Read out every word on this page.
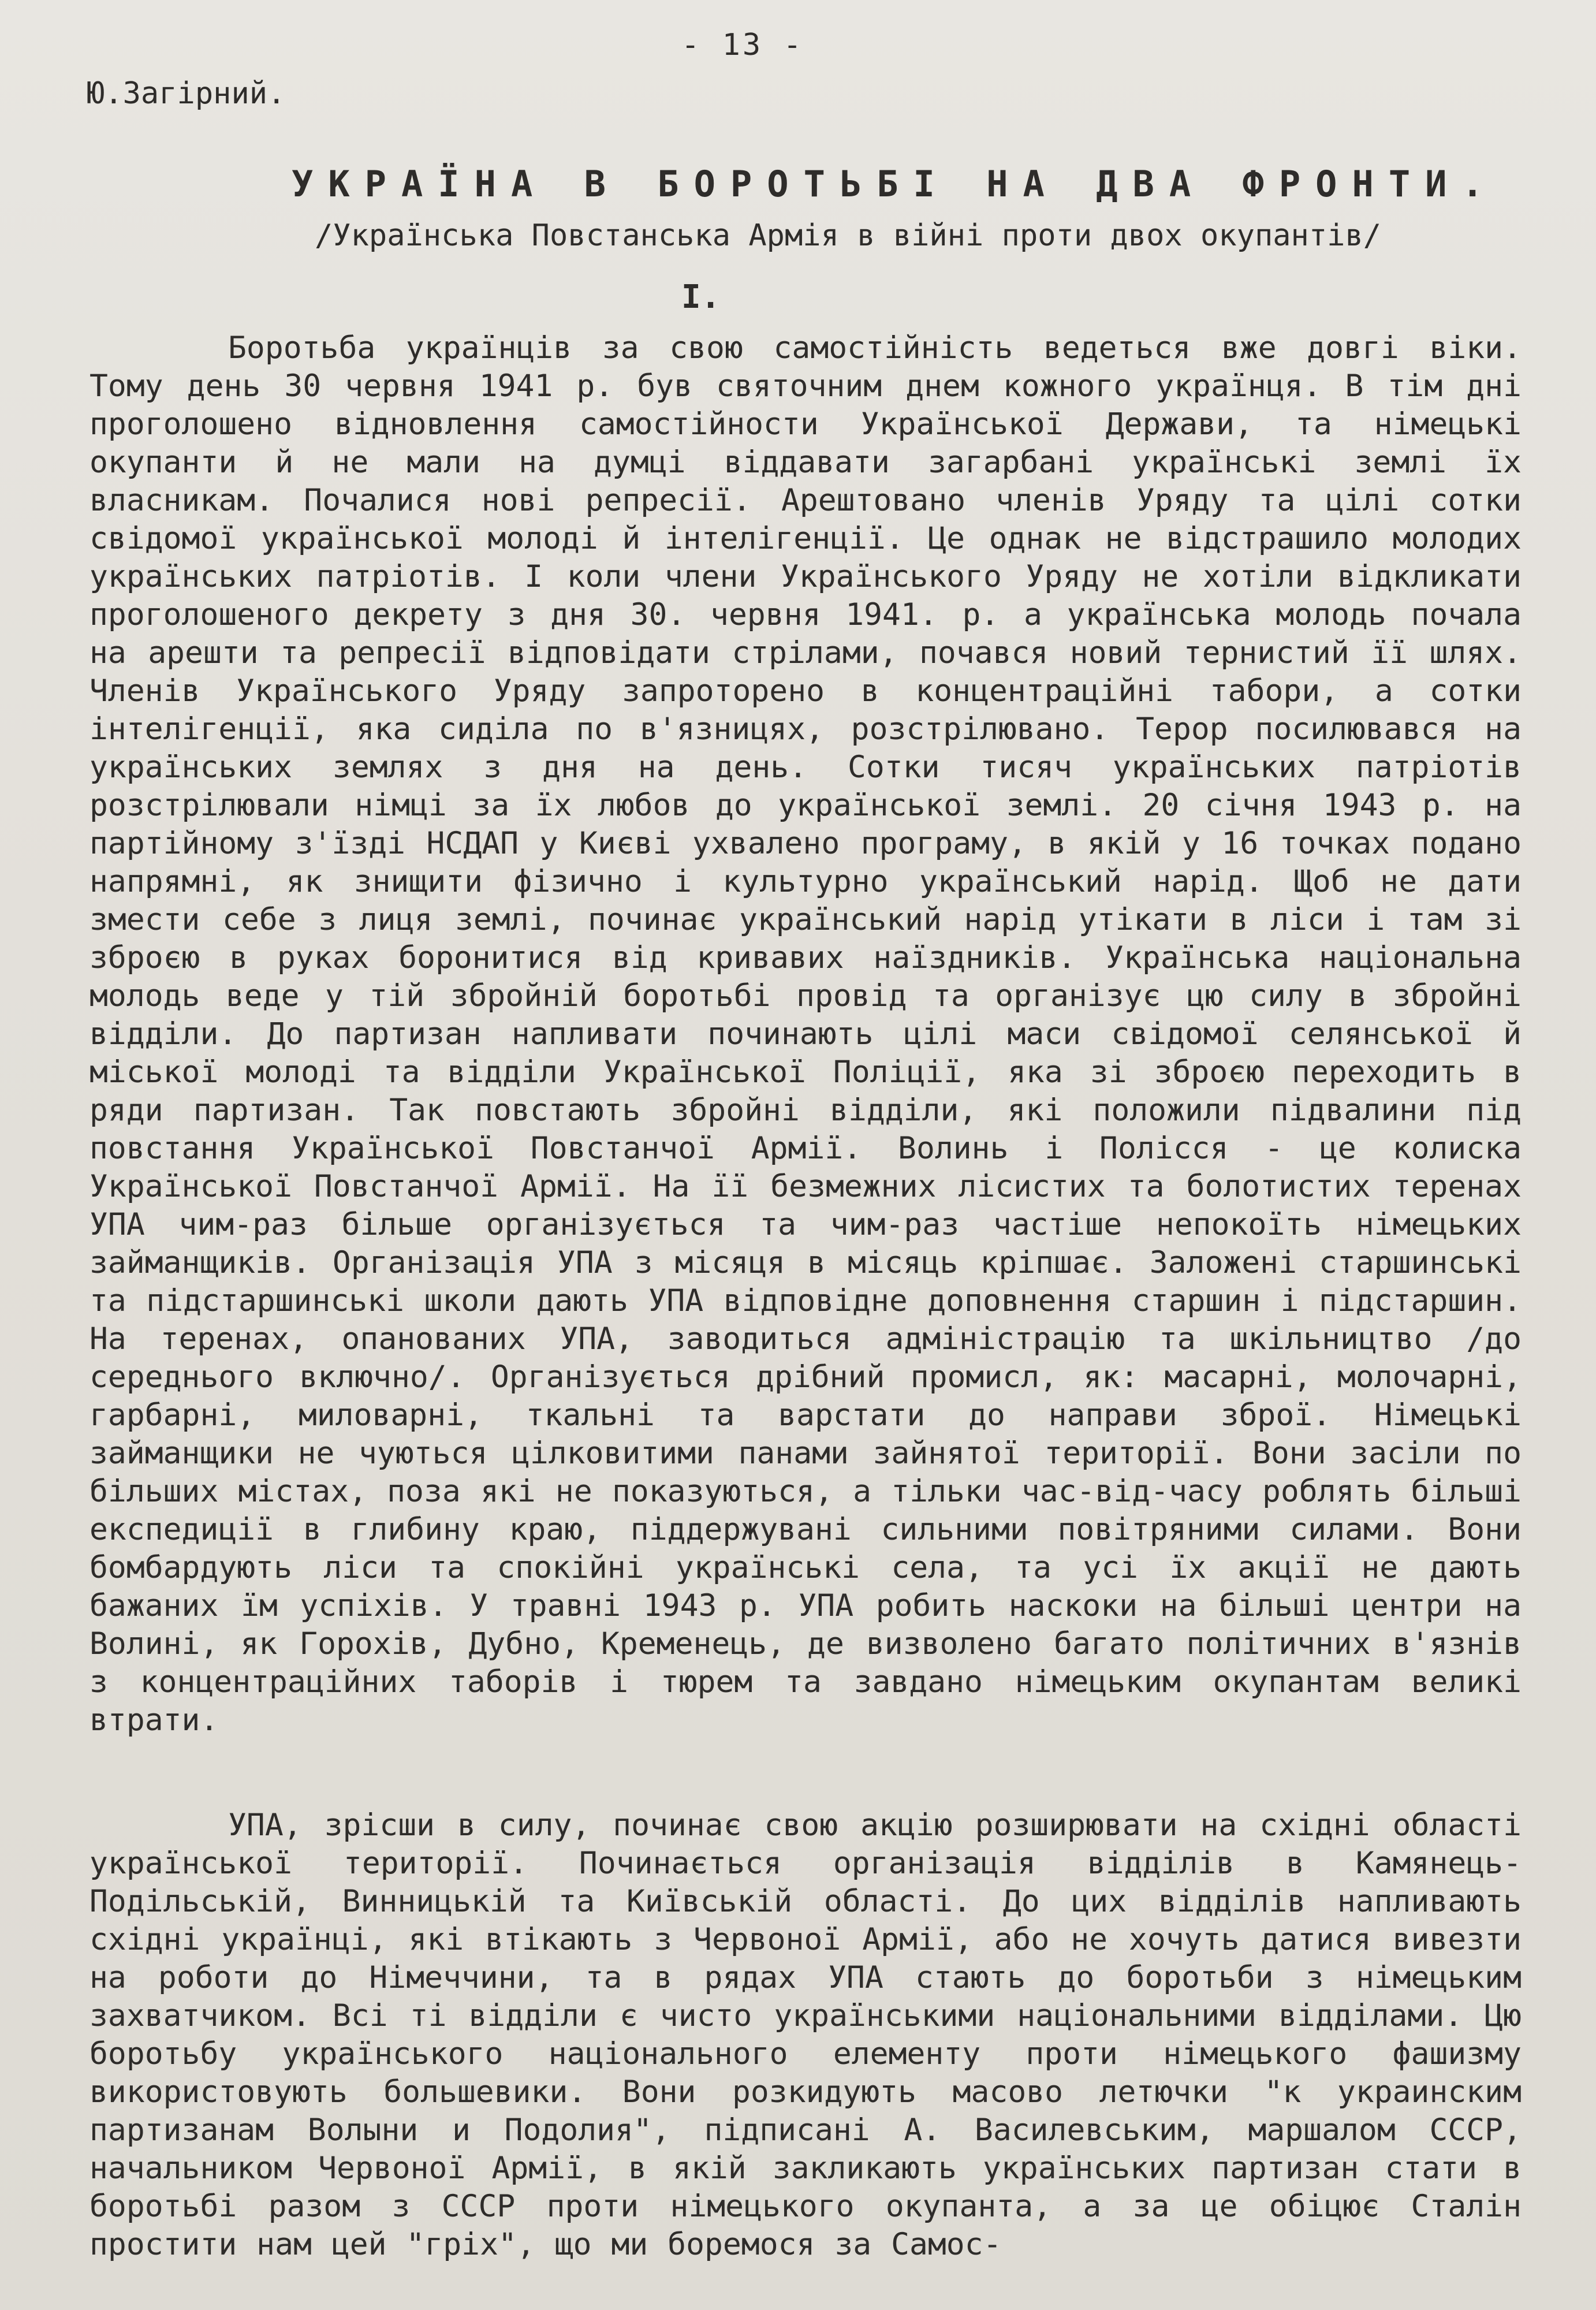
- 13 -
Ю.Загірний.
УКРАЇНА В БОРОТЬБІ НА ДВА ФРОНТИ.
/Українська Повстанська Армія в війні проти двох окупантів/
І.
Боротьба українців за свою самостійність ведеться вже довгі віки. Тому день 30 червня 1941 р. був святочним днем кожного українця. В тім дні проголошено відновлення самостійности Української Держави, та німецькі окупанти й не мали на думці віддавати загарбані українські землі їх власникам. Почалися нові репресії. Арештовано членів Уряду та цілі сотки свідомої української молоді й інтелігенції. Це однак не відстрашило молодих українських патріотів. І коли члени Українського Уряду не хотіли відкликати проголошеного декрету з дня 30. червня 1941. р. а українська молодь почала на арешти та репресії відповідати стрілами, почався новий тернистий її шлях. Членів Українського Уряду запроторено в концентраційні табори, а сотки інтелігенції, яка сиділа по в'язницях, розстрілювано. Терор посилювався на українських землях з дня на день. Сотки тисяч українських патріотів розстрілювали німці за їх любов до української землі. 20 січня 1943 р. на партійному з'їзді НСДАП у Києві ухвалено програму, в якій у 16 точках подано напрямні, як знищити фізично і культурно український нарід. Щоб не дати змести себе з лиця землі, починає український нарід утікати в ліси і там зі зброєю в руках боронитися від кривавих наїздників. Українська національна молодь веде у тій збройній боротьбі провід та організує цю силу в збройні відділи. До партизан напливати починають цілі маси свідомої селянської й міської молоді та відділи Української Поліції, яка зі зброєю переходить в ряди партизан. Так повстають збройні відділи, які положили підвалини під повстання Української Повстанчої Армії. Волинь і Полісся - це колиска Української Повстанчої Армії. На її безмежних лісистих та болотистих теренах УПА чим-раз більше організується та чим-раз частіше непокоїть німецьких займанщиків. Організація УПА з місяця в місяць кріпшає. Заложені старшинські та підстаршинські школи дають УПА відповідне доповнення старшин і підстаршин. На теренах, опанованих УПА, заводиться адміністрацію та шкільництво /до середнього включно/. Організується дрібний промисл, як: масарні, молочарні, гарбарні, миловарні, ткальні та варстати до направи зброї. Німецькі займанщики не чуються цілковитими панами зайнятої території. Вони засіли по більших містах, поза які не показуються, а тільки час-від-часу роблять більші експедиції в глибину краю, піддержувані сильними повітряними силами. Вони бомбардують ліси та спокійні українські села, та усі їх акції не дають бажаних їм успіхів. У травні 1943 р. УПА робить наскоки на більші центри на Волині, як Горохів, Дубно, Кременець, де визволено багато політичних в'язнів з концентраційних таборів і тюрем та завдано німецьким окупантам великі втрати.
УПА, зрісши в силу, починає свою акцію розширювати на східні області української території. Починається організація відділів в Камянець-Подільській, Винницькій та Київській області. До цих відділів напливають східні українці, які втікають з Червоної Армії, або не хочуть датися вивезти на роботи до Німеччини, та в рядах УПА стають до боротьби з німецьким захватчиком. Всі ті відділи є чисто українськими національними відділами. Цю боротьбу українського національного елементу проти німецького фашизму використовують большевики. Вони розкидують масово летючки "к украинским партизанам Волыни и Подолия", підписані А. Василевським, маршалом СССР, начальником Червоної Армії, в якій закликають українських партизан стати в боротьбі разом з СССР проти німецького окупанта, а за це обіцює Сталін простити нам цей "гріх", що ми боремося за Самос-
